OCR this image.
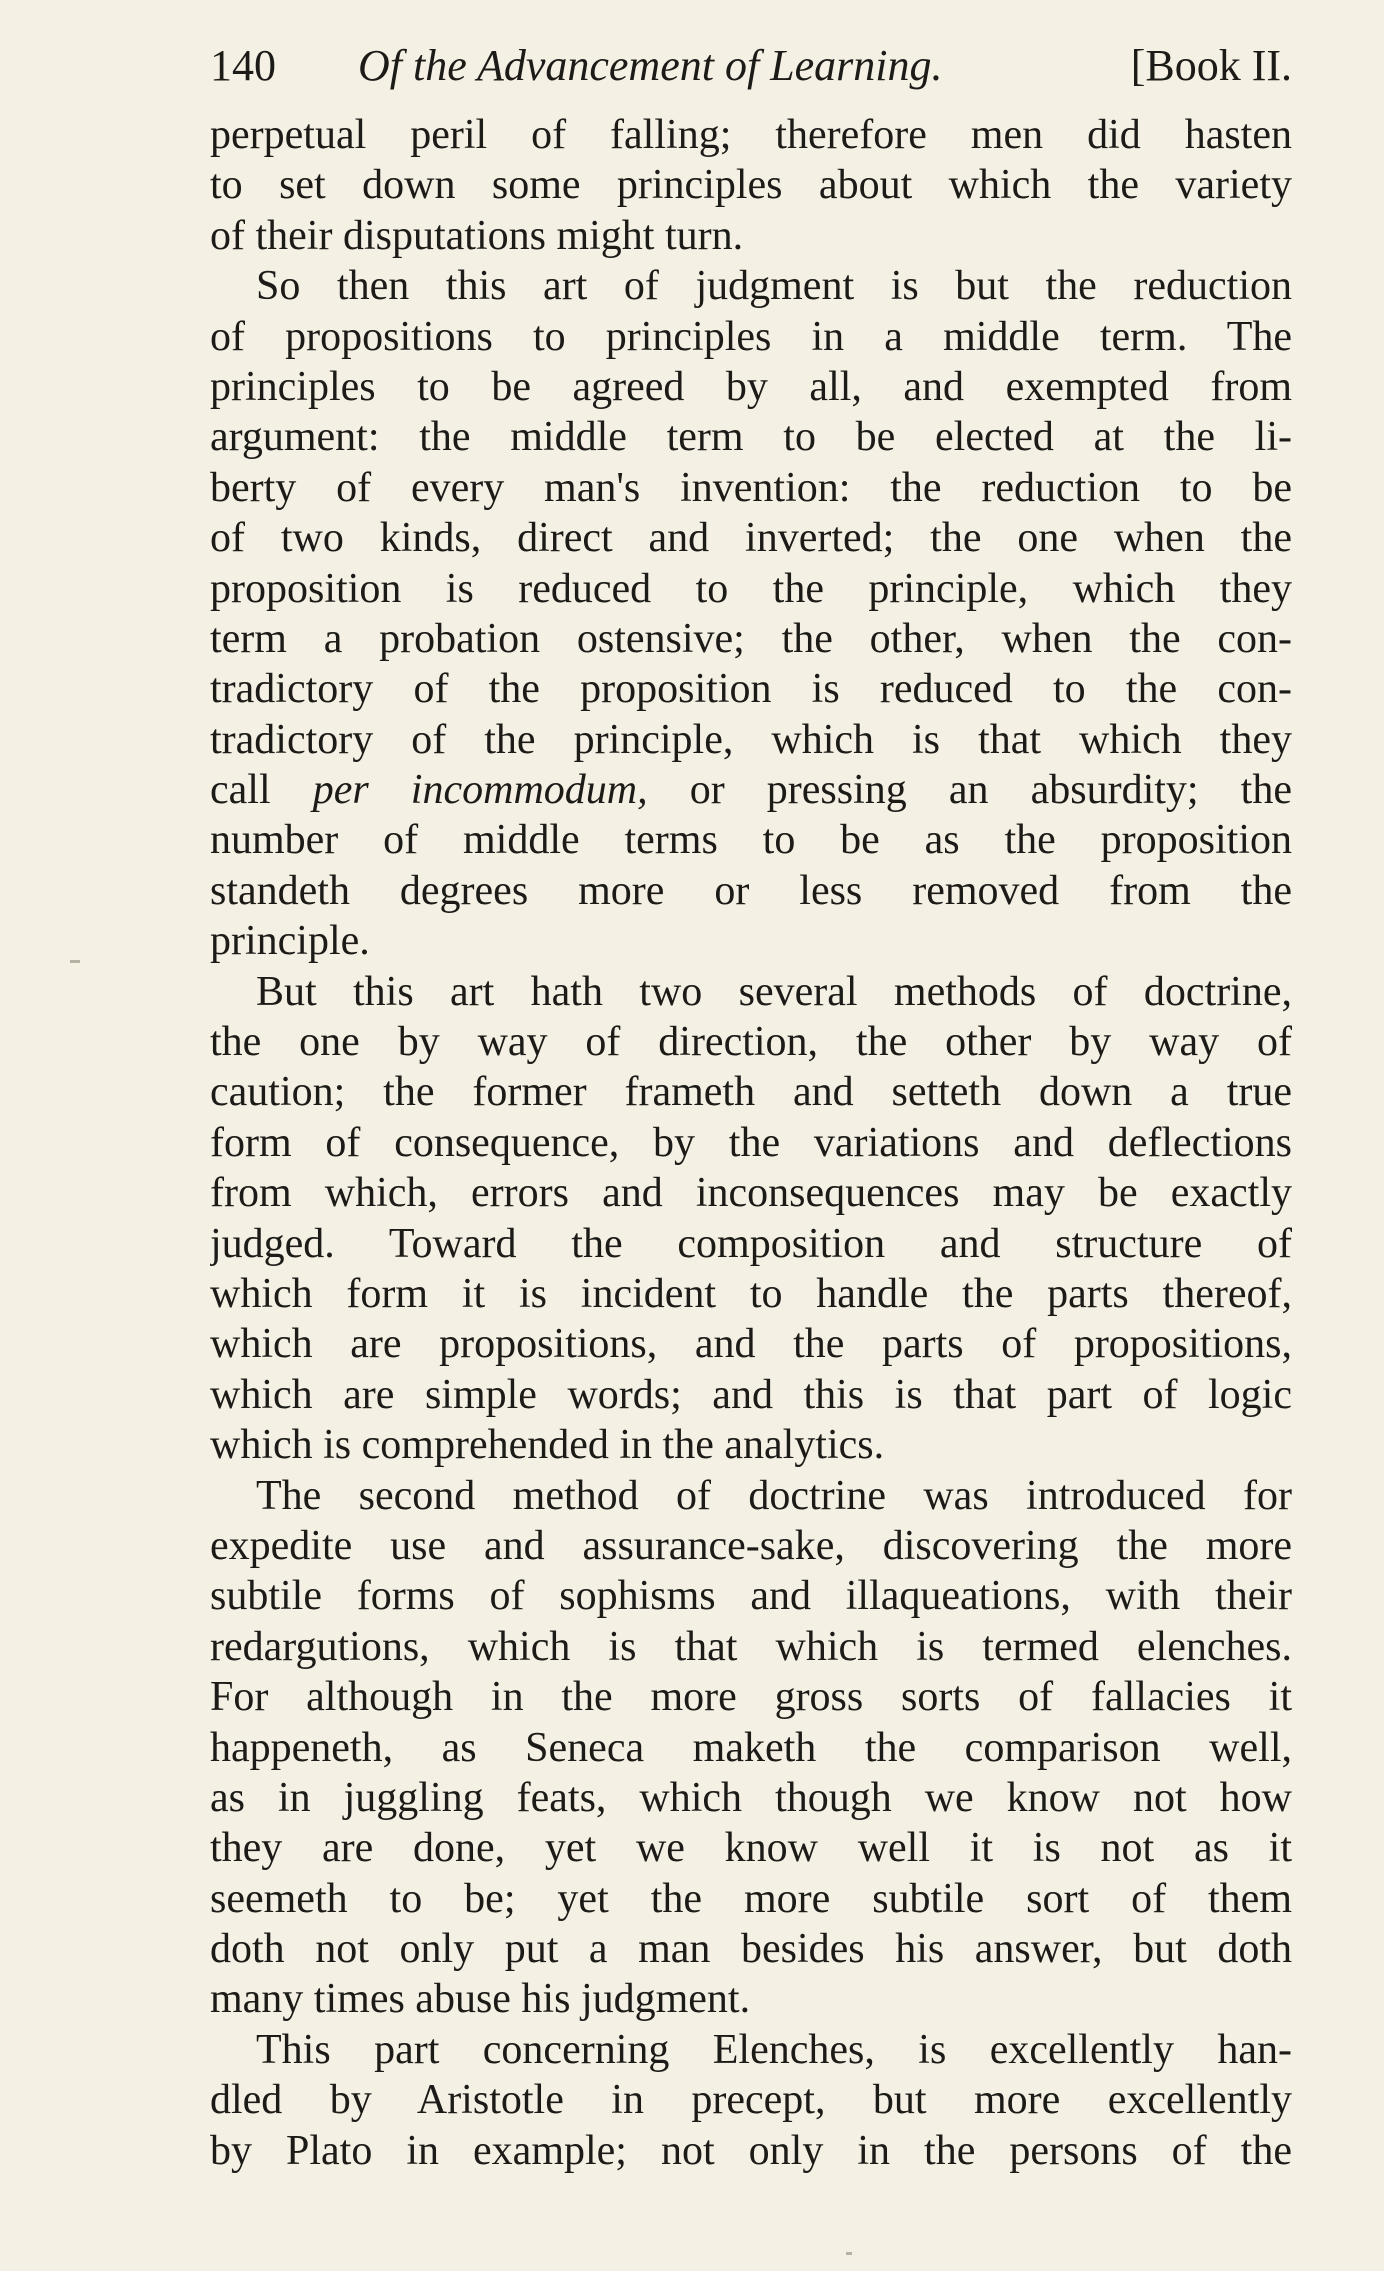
140 Of the Advancement of Learning.	[Book II.
perpetual peril of falling; therefore men did hasten
to set down some principles about which the variety
of their disputations might turn.
So then this art of judgment is but the reduction
of propositions to principles in a middle term. The
principles to be agreed by all, and exempted from
argument: the middle term to be elected at the li-
berty of every man's invention: the reduction to be
of two kinds, direct and inverted; the one when the
proposition is reduced to the principle, which they
term a probation ostensive; the other, when the con-
tradictory of the proposition is reduced to the con-
tradictory of the principle, which is that which they
call per incommodum, or pressing an absurdity; the
number of middle terms to be as the proposition
standeth degrees more or less removed from the
principle.
But this art hath two several methods of doctrine,
the one by way of direction, the other by way of
caution; the former frameth and setteth down a true
form of consequence, by the variations and deflections
from which, errors and inconsequences may be exactly
judged. Toward the composition and structure of
which form it is incident to handle the parts thereof,
which are propositions, and the parts of propositions,
which are simple words; and this is that part of logic
which is comprehended in the analytics.
The second method of doctrine was introduced for
expedite use and assurance-sake, discovering the more
subtile forms of sophisms and illaqueations, with their
redargutions, which is that which is termed elenches.
For although in the more gross sorts of fallacies it
happeneth, as Seneca maketh the comparison well,
as in juggling feats, which though we know not how
they are done, yet we know well it is not as it
seemeth to be; yet the more subtile sort of them
doth not only put a man besides his answer, but doth
many times abuse his judgment.
This part concerning Elenches, is excellently han-
dled by Aristotle in precept, but more excellently
by Plato in example; not only in the persons of the
